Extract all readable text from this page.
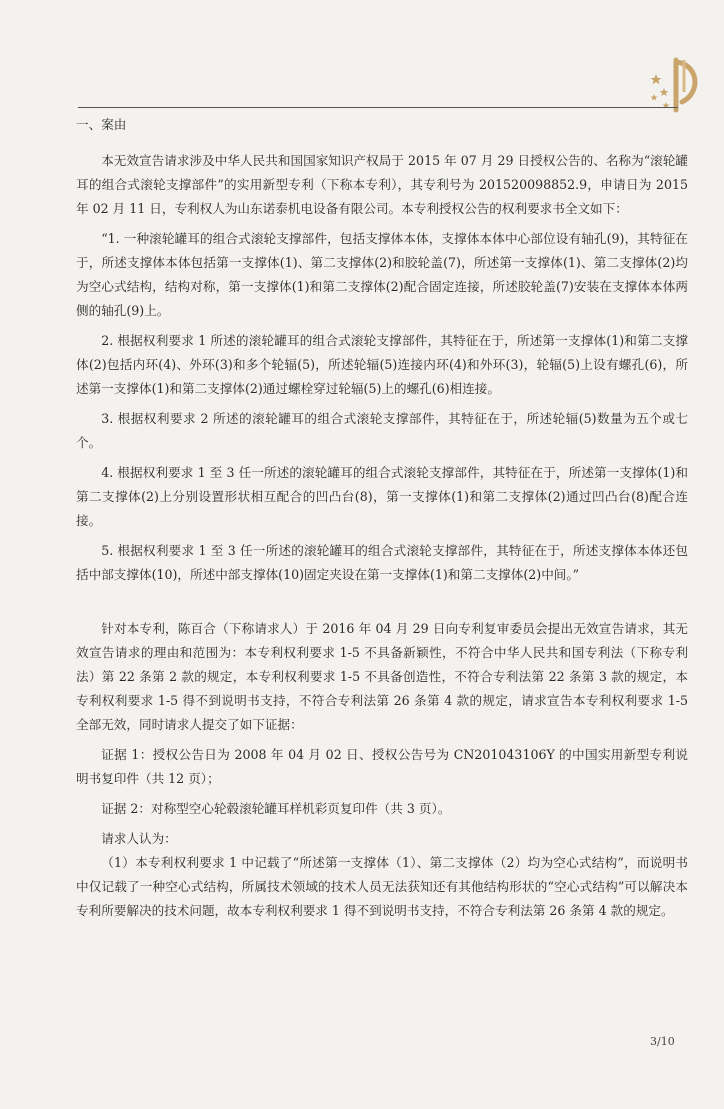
一、案由

本无效宣告请求涉及中华人民共和国国家知识产权局于 2015 年 07 月 29 日授权公告的、名称为“滚轮罐耳的组合式滚轮支撑部件”的实用新型专利（下称本专利），其专利号为 201520098852.9，申请日为 2015 年 02 月 11 日，专利权人为山东诺泰机电设备有限公司。本专利授权公告的权利要求书全文如下：

“1. 一种滚轮罐耳的组合式滚轮支撑部件，包括支撑体本体，支撑体本体中心部位设有轴孔(9)，其特征在于，所述支撑体本体包括第一支撑体(1)、第二支撑体(2)和胶轮盖(7)，所述第一支撑体(1)、第二支撑体(2)均为空心式结构，结构对称，第一支撑体(1)和第二支撑体(2)配合固定连接，所述胶轮盖(7)安装在支撑体本体两侧的轴孔(9)上。

2. 根据权利要求 1 所述的滚轮罐耳的组合式滚轮支撑部件，其特征在于，所述第一支撑体(1)和第二支撑体(2)包括内环(4)、外环(3)和多个轮辐(5)，所述轮辐(5)连接内环(4)和外环(3)，轮辐(5)上设有螺孔(6)，所述第一支撑体(1)和第二支撑体(2)通过螺栓穿过轮辐(5)上的螺孔(6)相连接。

3. 根据权利要求 2 所述的滚轮罐耳的组合式滚轮支撑部件，其特征在于，所述轮辐(5)数量为五个或七个。

4. 根据权利要求 1 至 3 任一所述的滚轮罐耳的组合式滚轮支撑部件，其特征在于，所述第一支撑体(1)和第二支撑体(2)上分别设置形状相互配合的凹凸台(8)，第一支撑体(1)和第二支撑体(2)通过凹凸台(8)配合连接。

5. 根据权利要求 1 至 3 任一所述的滚轮罐耳的组合式滚轮支撑部件，其特征在于，所述支撑体本体还包括中部支撑体(10)，所述中部支撑体(10)固定夹设在第一支撑体(1)和第二支撑体(2)中间。”

针对本专利，陈百合（下称请求人）于 2016 年 04 月 29 日向专利复审委员会提出无效宣告请求，其无效宣告请求的理由和范围为：本专利权利要求 1-5 不具备新颖性，不符合中华人民共和国专利法（下称专利法）第 22 条第 2 款的规定，本专利权利要求 1-5 不具备创造性，不符合专利法第 22 条第 3 款的规定，本专利权利要求 1-5 得不到说明书支持，不符合专利法第 26 条第 4 款的规定，请求宣告本专利权利要求 1-5 全部无效，同时请求人提交了如下证据：

证据 1：授权公告日为 2008 年 04 月 02 日、授权公告号为 CN201043106Y 的中国实用新型专利说明书复印件（共 12 页）；

证据 2：对称型空心轮毂滚轮罐耳样机彩页复印件（共 3 页）。

请求人认为：

（1）本专利权利要求 1 中记载了“所述第一支撑体（1）、第二支撑体（2）均为空心式结构”，而说明书中仅记载了一种空心式结构，所属技术领域的技术人员无法获知还有其他结构形状的“空心式结构”可以解决本专利所要解决的技术问题，故本专利权利要求 1 得不到说明书支持，不符合专利法第 26 条第 4 款的规定。

3/10
